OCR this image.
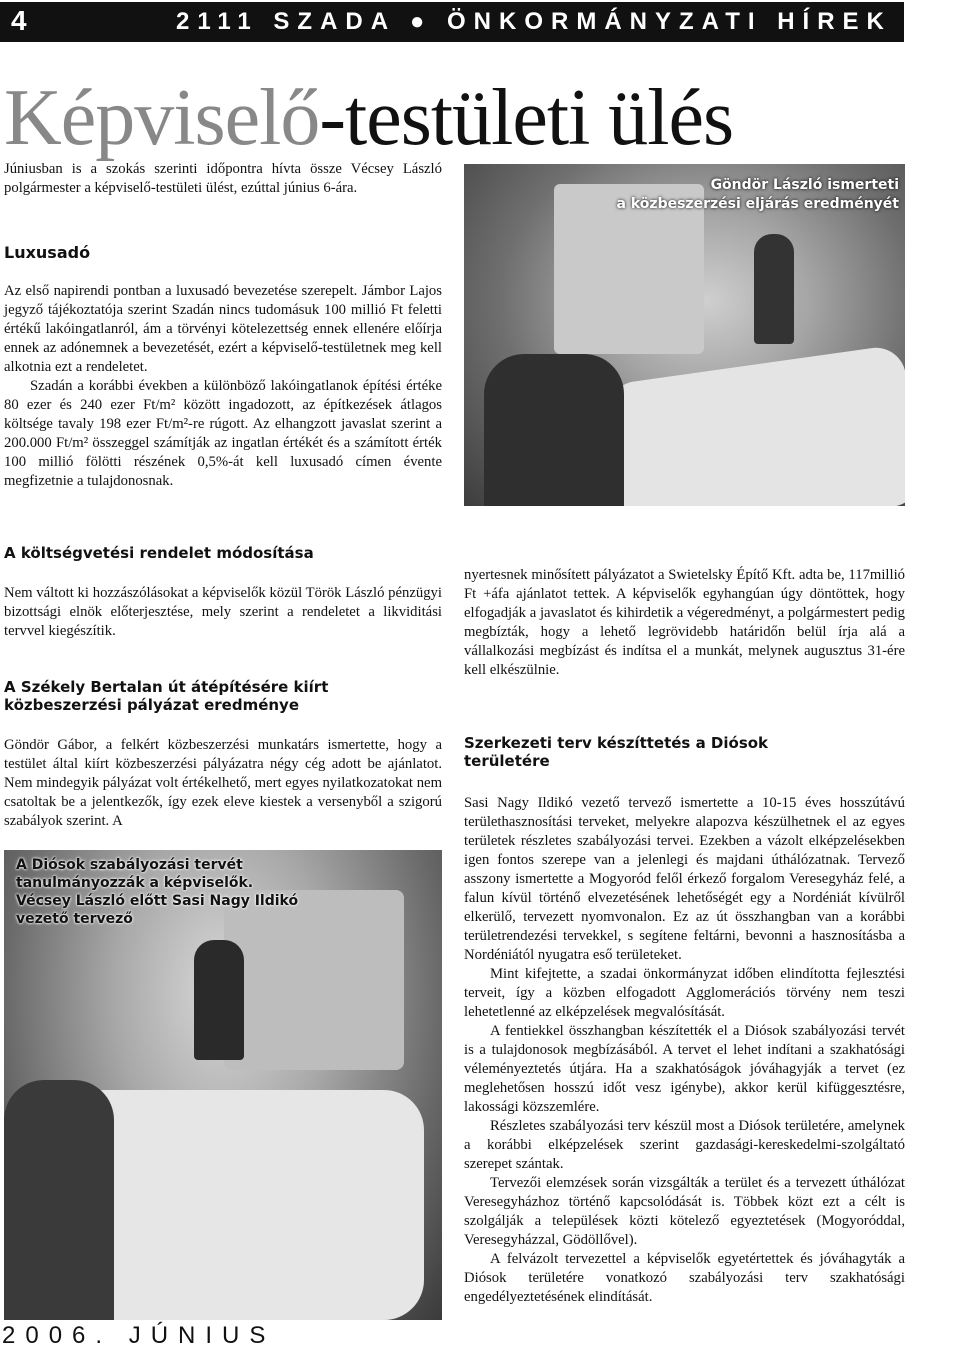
4	2111 SZADA ● ÖNKORMÁNYZATI HÍREK
Képviselő-testületi ülés

Júniusban is a szokás szerinti időpontra hívta össze Vécsey László polgármester a képviselő-testületi ülést, ezúttal június 6-ára.

Luxusadó

Az első napirendi pontban a luxusadó bevezetése szerepelt. Jámbor Lajos jegyző tájékoztatója szerint Szadán nincs tudomásuk 100 millió Ft feletti értékű lakóingatlanról, ám a törvényi kötelezettség ennek ellenére előírja ennek az adónemnek a bevezetését, ezért a képviselő-testületnek meg kell alkotnia ezt a rendeletet.

Szadán a korábbi években a különböző lakóingatlanok építési értéke 80 ezer és 240 ezer Ft/m² között ingadozott, az építkezések átlagos költsége tavaly 198 ezer Ft/m²-re rúgott. Az elhangzott javaslat szerint a 200.000 Ft/m² összeggel számítják az ingatlan értékét és a számított érték 100 millió fölötti részének 0,5%-át kell luxusadó címen évente megfizetnie a tulajdonosnak.

Göndör László ismerteti
a közbeszerzési eljárás eredményét
A költségvetési rendelet módosítása

Nem váltott ki hozzászólásokat a képviselők közül Török László pénzügyi bizottsági elnök előterjesztése, mely szerint a rendeletet a likviditási tervvel kiegészítik.

A Székely Bertalan út átépítésére kiírt
közbeszerzési pályázat eredménye

Göndör Gábor, a felkért közbeszerzési munkatárs ismertette, hogy a testület által kiírt közbeszerzési pályázatra négy cég adott be ajánlatot. Nem mindegyik pályázat volt értékelhető, mert egyes nyilatkozatokat nem csatoltak be a jelentkezők, így ezek eleve kiestek a versenyből a szigorú szabályok szerint. A

nyertesnek minősített pályázatot a Swietelsky Építő Kft. adta be, 117millió Ft +áfa ajánlatot tettek. A képviselők egyhangúan úgy döntöttek, hogy elfogadják a javaslatot és kihirdetik a végeredményt, a polgármestert pedig megbízták, hogy a lehető legrövidebb határidőn belül írja alá a vállalkozási megbízást és indítsa el a munkát, melynek augusztus 31-ére kell elkészülnie.

A Diósok szabályozási tervét
tanulmányozzák a képviselők.
Vécsey László előtt Sasi Nagy Ildikó
vezető tervező
Szerkezeti terv készíttetés a Diósok
területére

Sasi Nagy Ildikó vezető tervező ismertette a 10-15 éves hosszútávú területhasznosítási terveket, melyekre alapozva készülhetnek el az egyes területek részletes szabályozási tervei. Ezekben a vázolt elképzelésekben igen fontos szerepe van a jelenlegi és majdani úthálózatnak. Tervező asszony ismertette a Mogyoród felől érkező forgalom Veresegyház felé, a falun kívül történő elvezetésének lehetőségét egy a Nordéniát kívülről elkerülő, tervezett nyomvonalon. Ez az út összhangban van a korábbi területrendezési tervekkel, s segítene feltárni, bevonni a hasznosításba a Nordéniától nyugatra eső területeket.

Mint kifejtette, a szadai önkormányzat időben elindította fejlesztési terveit, így a közben elfogadott Agglomerációs törvény nem teszi lehetetlenné az elképzelések megvalósítását.

A fentiekkel összhangban készítették el a Diósok szabályozási tervét is a tulajdonosok megbízásából. A tervet el lehet indítani a szakhatósági véleményeztetés útjára. Ha a szakhatóságok jóváhagyják a tervet (ez meglehetősen hosszú időt vesz igénybe), akkor kerül kifüggesztésre, lakossági közszemlére.

Részletes szabályozási terv készül most a Diósok területére, amelynek a korábbi elképzelések szerint gazdasági-kereskedelmi-szolgáltató szerepet szántak.

Tervezői elemzések során vizsgálták a terület és a tervezett úthálózat Veresegyházhoz történő kapcsolódását is. Többek közt ezt a célt is szolgálják a települések közti kötelező egyeztetések (Mogyoróddal, Veresegyházzal, Gödöllővel).

A felvázolt tervezettel a képviselők egyetértettek és jóváhagyták a Diósok területére vonatkozó szabályozási terv szakhatósági engedélyeztetésének elindítását.

2006. JÚNIUS
